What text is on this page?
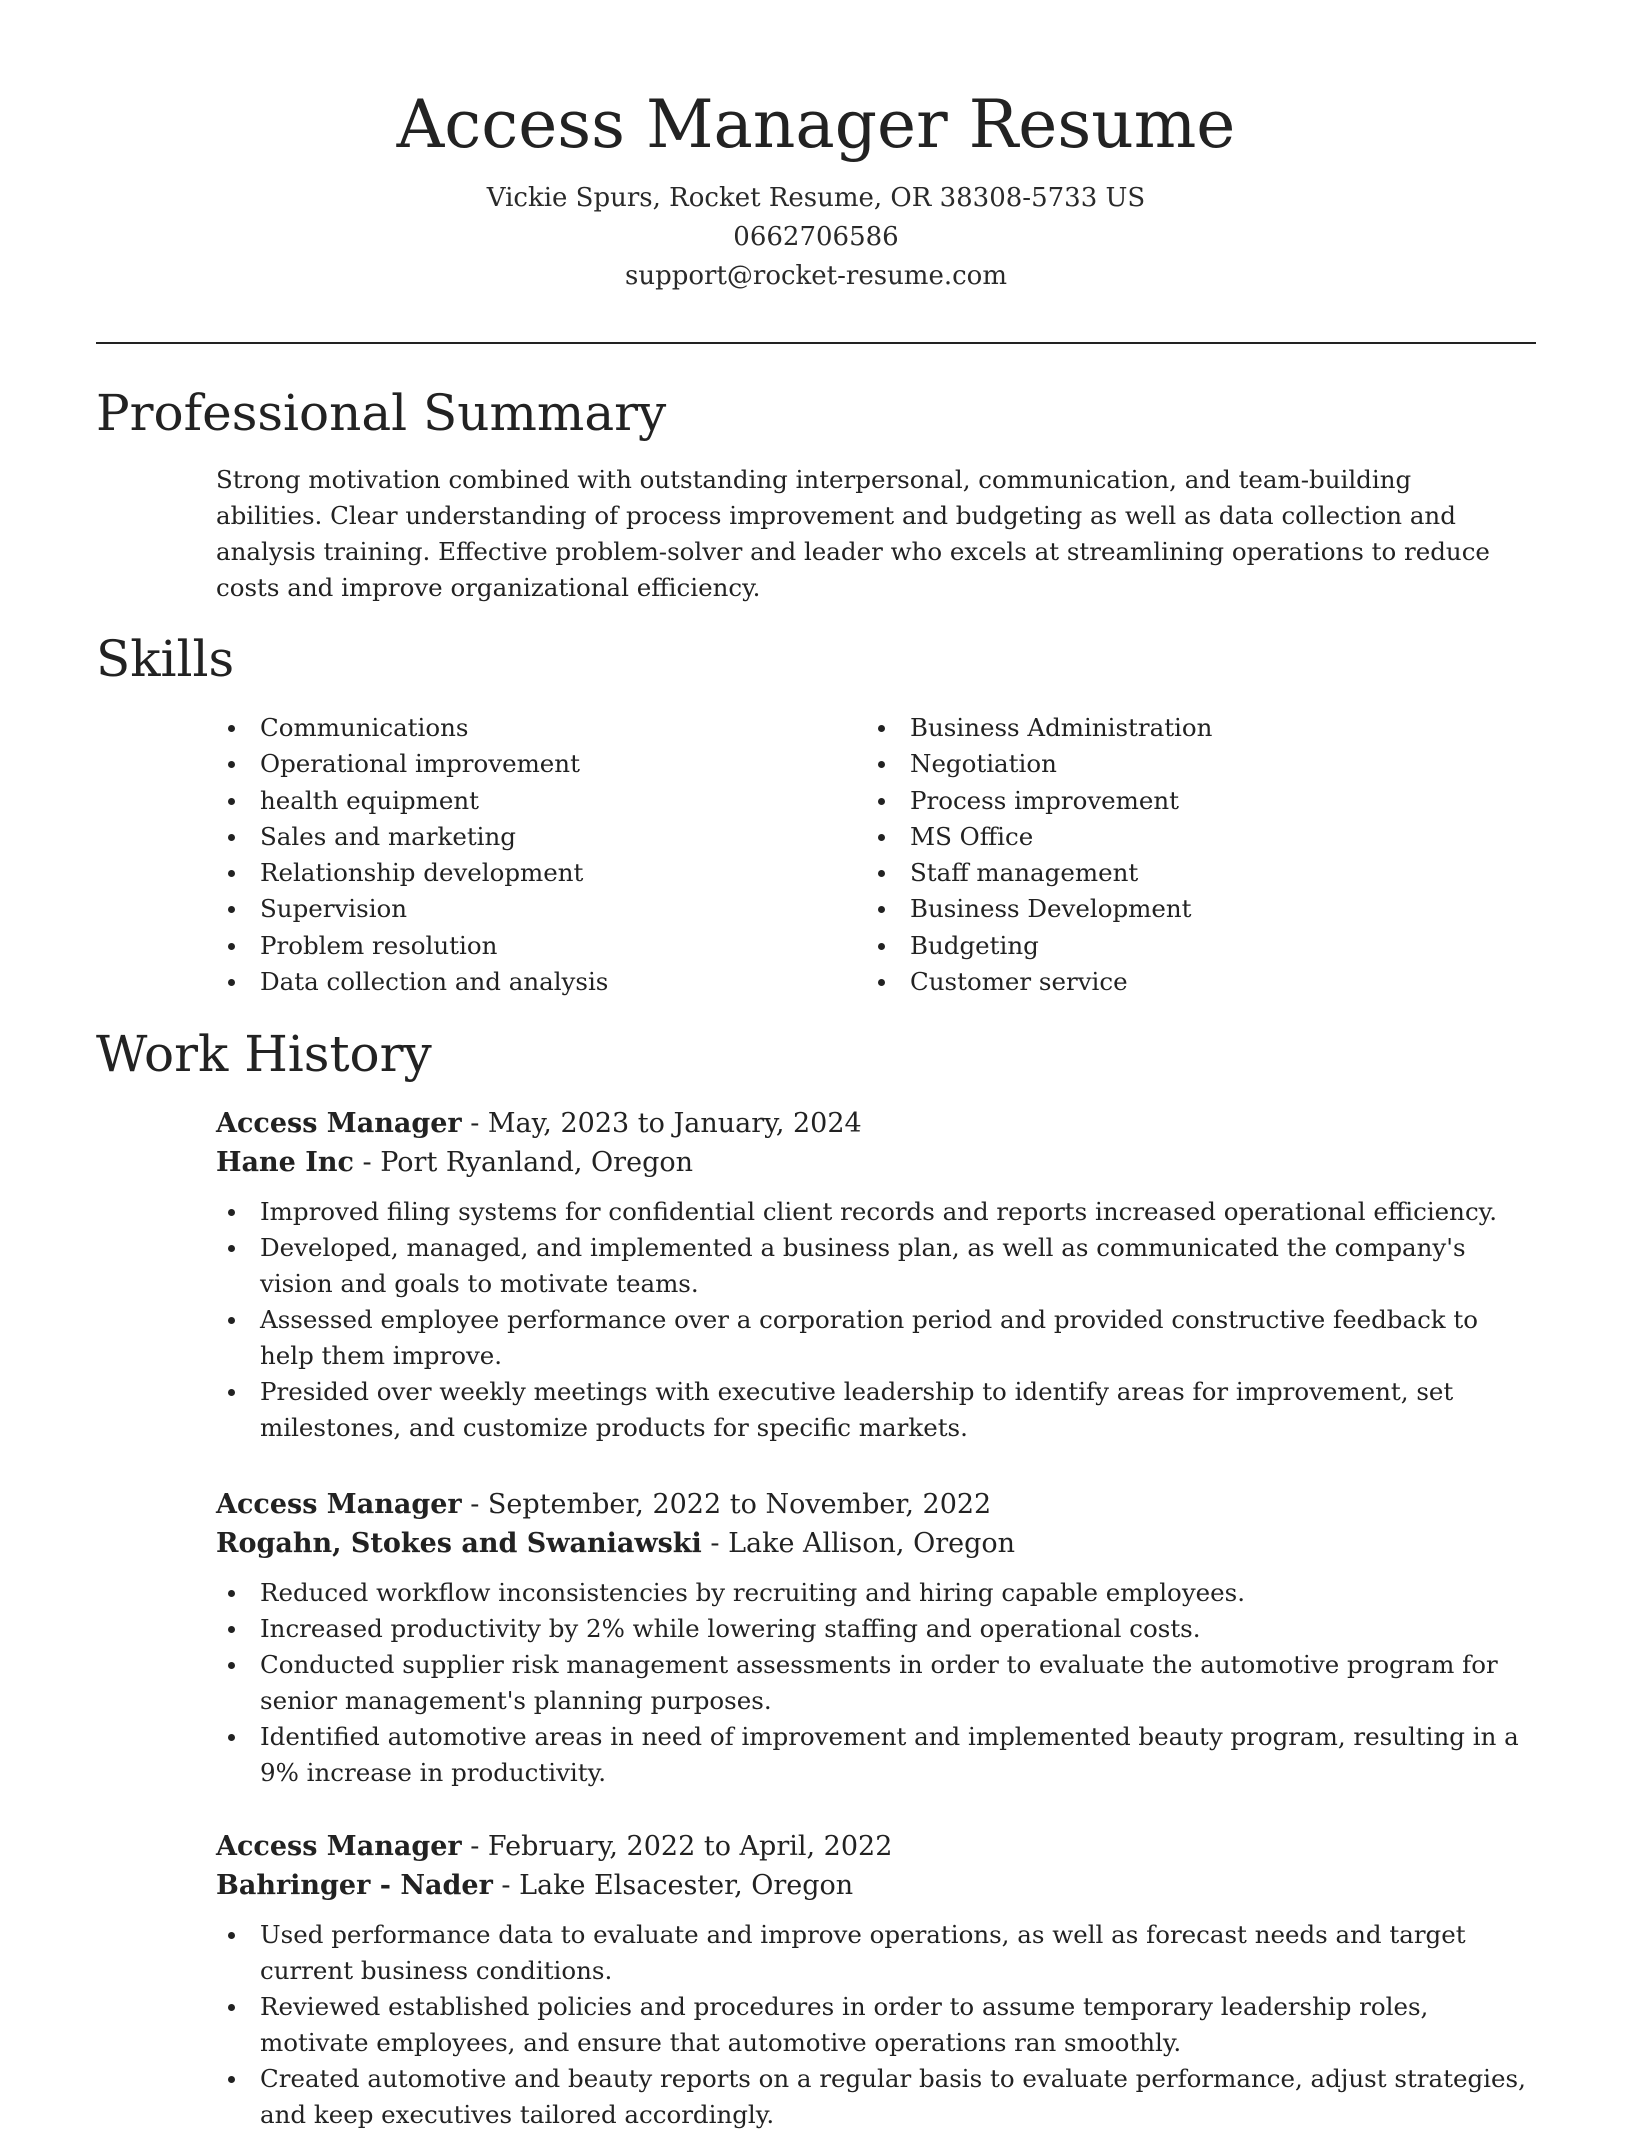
Access Manager Resume

Vickie Spurs, Rocket Resume, OR 38308-5733 US

0662706586

support@rocket-resume.com

Professional Summary

Strong motivation combined with outstanding interpersonal, communication, and team-building abilities. Clear understanding of process improvement and budgeting as well as data collection and analysis training. Effective problem-solver and leader who excels at streamlining operations to reduce costs and improve organizational efficiency.

Skills
Communications
Operational improvement
health equipment
Sales and marketing
Relationship development
Supervision
Problem resolution
Data collection and analysis
Business Administration
Negotiation
Process improvement
MS Office
Staff management
Business Development
Budgeting
Customer service
Work History

Access Manager - May, 2023 to January, 2024

Hane Inc - Port Ryanland, Oregon

Improved filing systems for confidential client records and reports increased operational efficiency.
Developed, managed, and implemented a business plan, as well as communicated the company's vision and goals to motivate teams.
Assessed employee performance over a corporation period and provided constructive feedback to help them improve.
Presided over weekly meetings with executive leadership to identify areas for improvement, set milestones, and customize products for specific markets.

Access Manager - September, 2022 to November, 2022

Rogahn, Stokes and Swaniawski - Lake Allison, Oregon

Reduced workflow inconsistencies by recruiting and hiring capable employees.
Increased productivity by 2% while lowering staffing and operational costs.
Conducted supplier risk management assessments in order to evaluate the automotive program for senior management's planning purposes.
Identified automotive areas in need of improvement and implemented beauty program, resulting in a 9% increase in productivity.

Access Manager - February, 2022 to April, 2022

Bahringer - Nader - Lake Elsacester, Oregon

Used performance data to evaluate and improve operations, as well as forecast needs and target current business conditions.
Reviewed established policies and procedures in order to assume temporary leadership roles, motivate employees, and ensure that automotive operations ran smoothly.
Created automotive and beauty reports on a regular basis to evaluate performance, adjust strategies, and keep executives tailored accordingly.
